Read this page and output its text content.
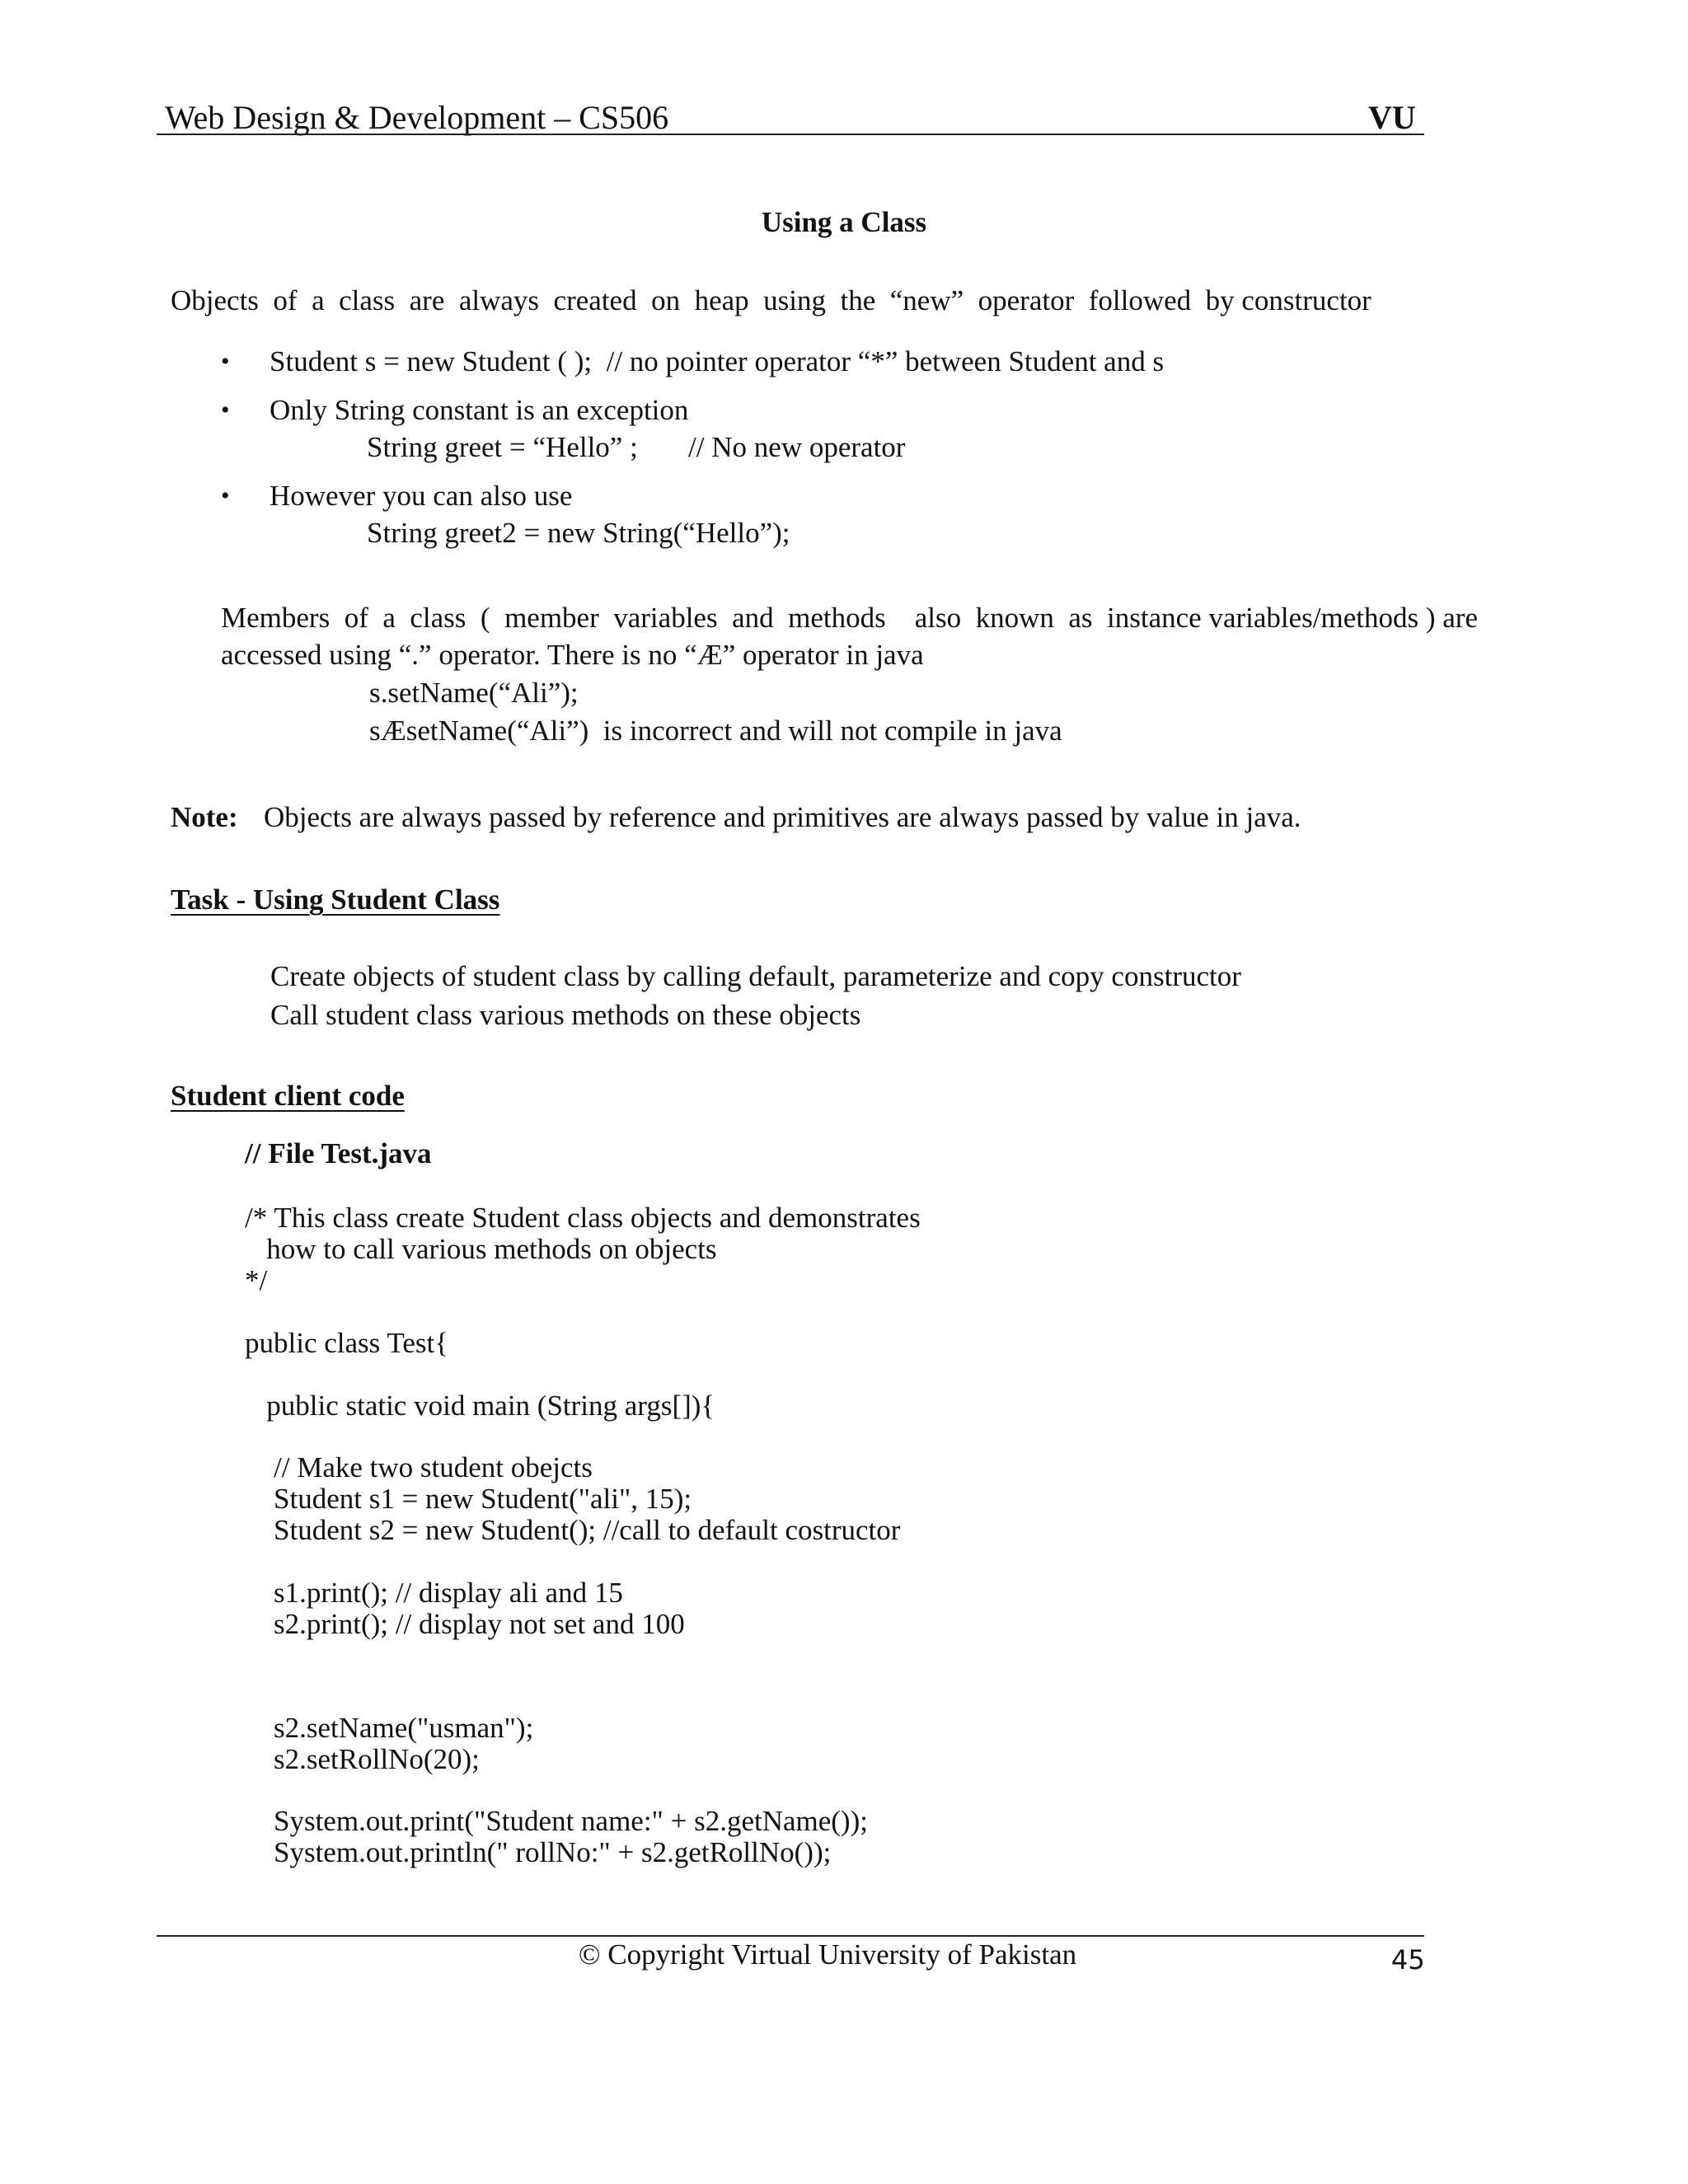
Web Design & Development – CS506	VU
Using a Class
Objects  of  a  class  are  always  created  on  heap  using  the  “new”  operator  followed  by constructor
• Student s = new Student ( );  // no pointer operator “*” between Student and s
• Only String constant is an exception
String greet = “Hello” ;       // No new operator
• However you can also use
String greet2 = new String(“Hello”);
Members  of  a  class  (  member  variables  and  methods    also  known  as  instance variables/methods ) are
accessed using “.” operator. There is no “Æ” operator in java
s.setName(“Ali”);
sÆsetName(“Ali”)  is incorrect and will not compile in java
Note: Objects are always passed by reference and primitives are always passed by value in java.
Task - Using Student Class
Create objects of student class by calling default, parameterize and copy constructor
Call student class various methods on these objects
Student client code
// File Test.java
/* This class create Student class objects and demonstrates
how to call various methods on objects
*/
public class Test{
public static void main (String args[]){
// Make two student obejcts
Student s1 = new Student("ali", 15);
Student s2 = new Student(); //call to default costructor
s1.print(); // display ali and 15
s2.print(); // display not set and 100
s2.setName("usman");
s2.setRollNo(20);
System.out.print("Student name:" + s2.getName());
System.out.println(" rollNo:" + s2.getRollNo());
© Copyright Virtual University of Pakistan	45
